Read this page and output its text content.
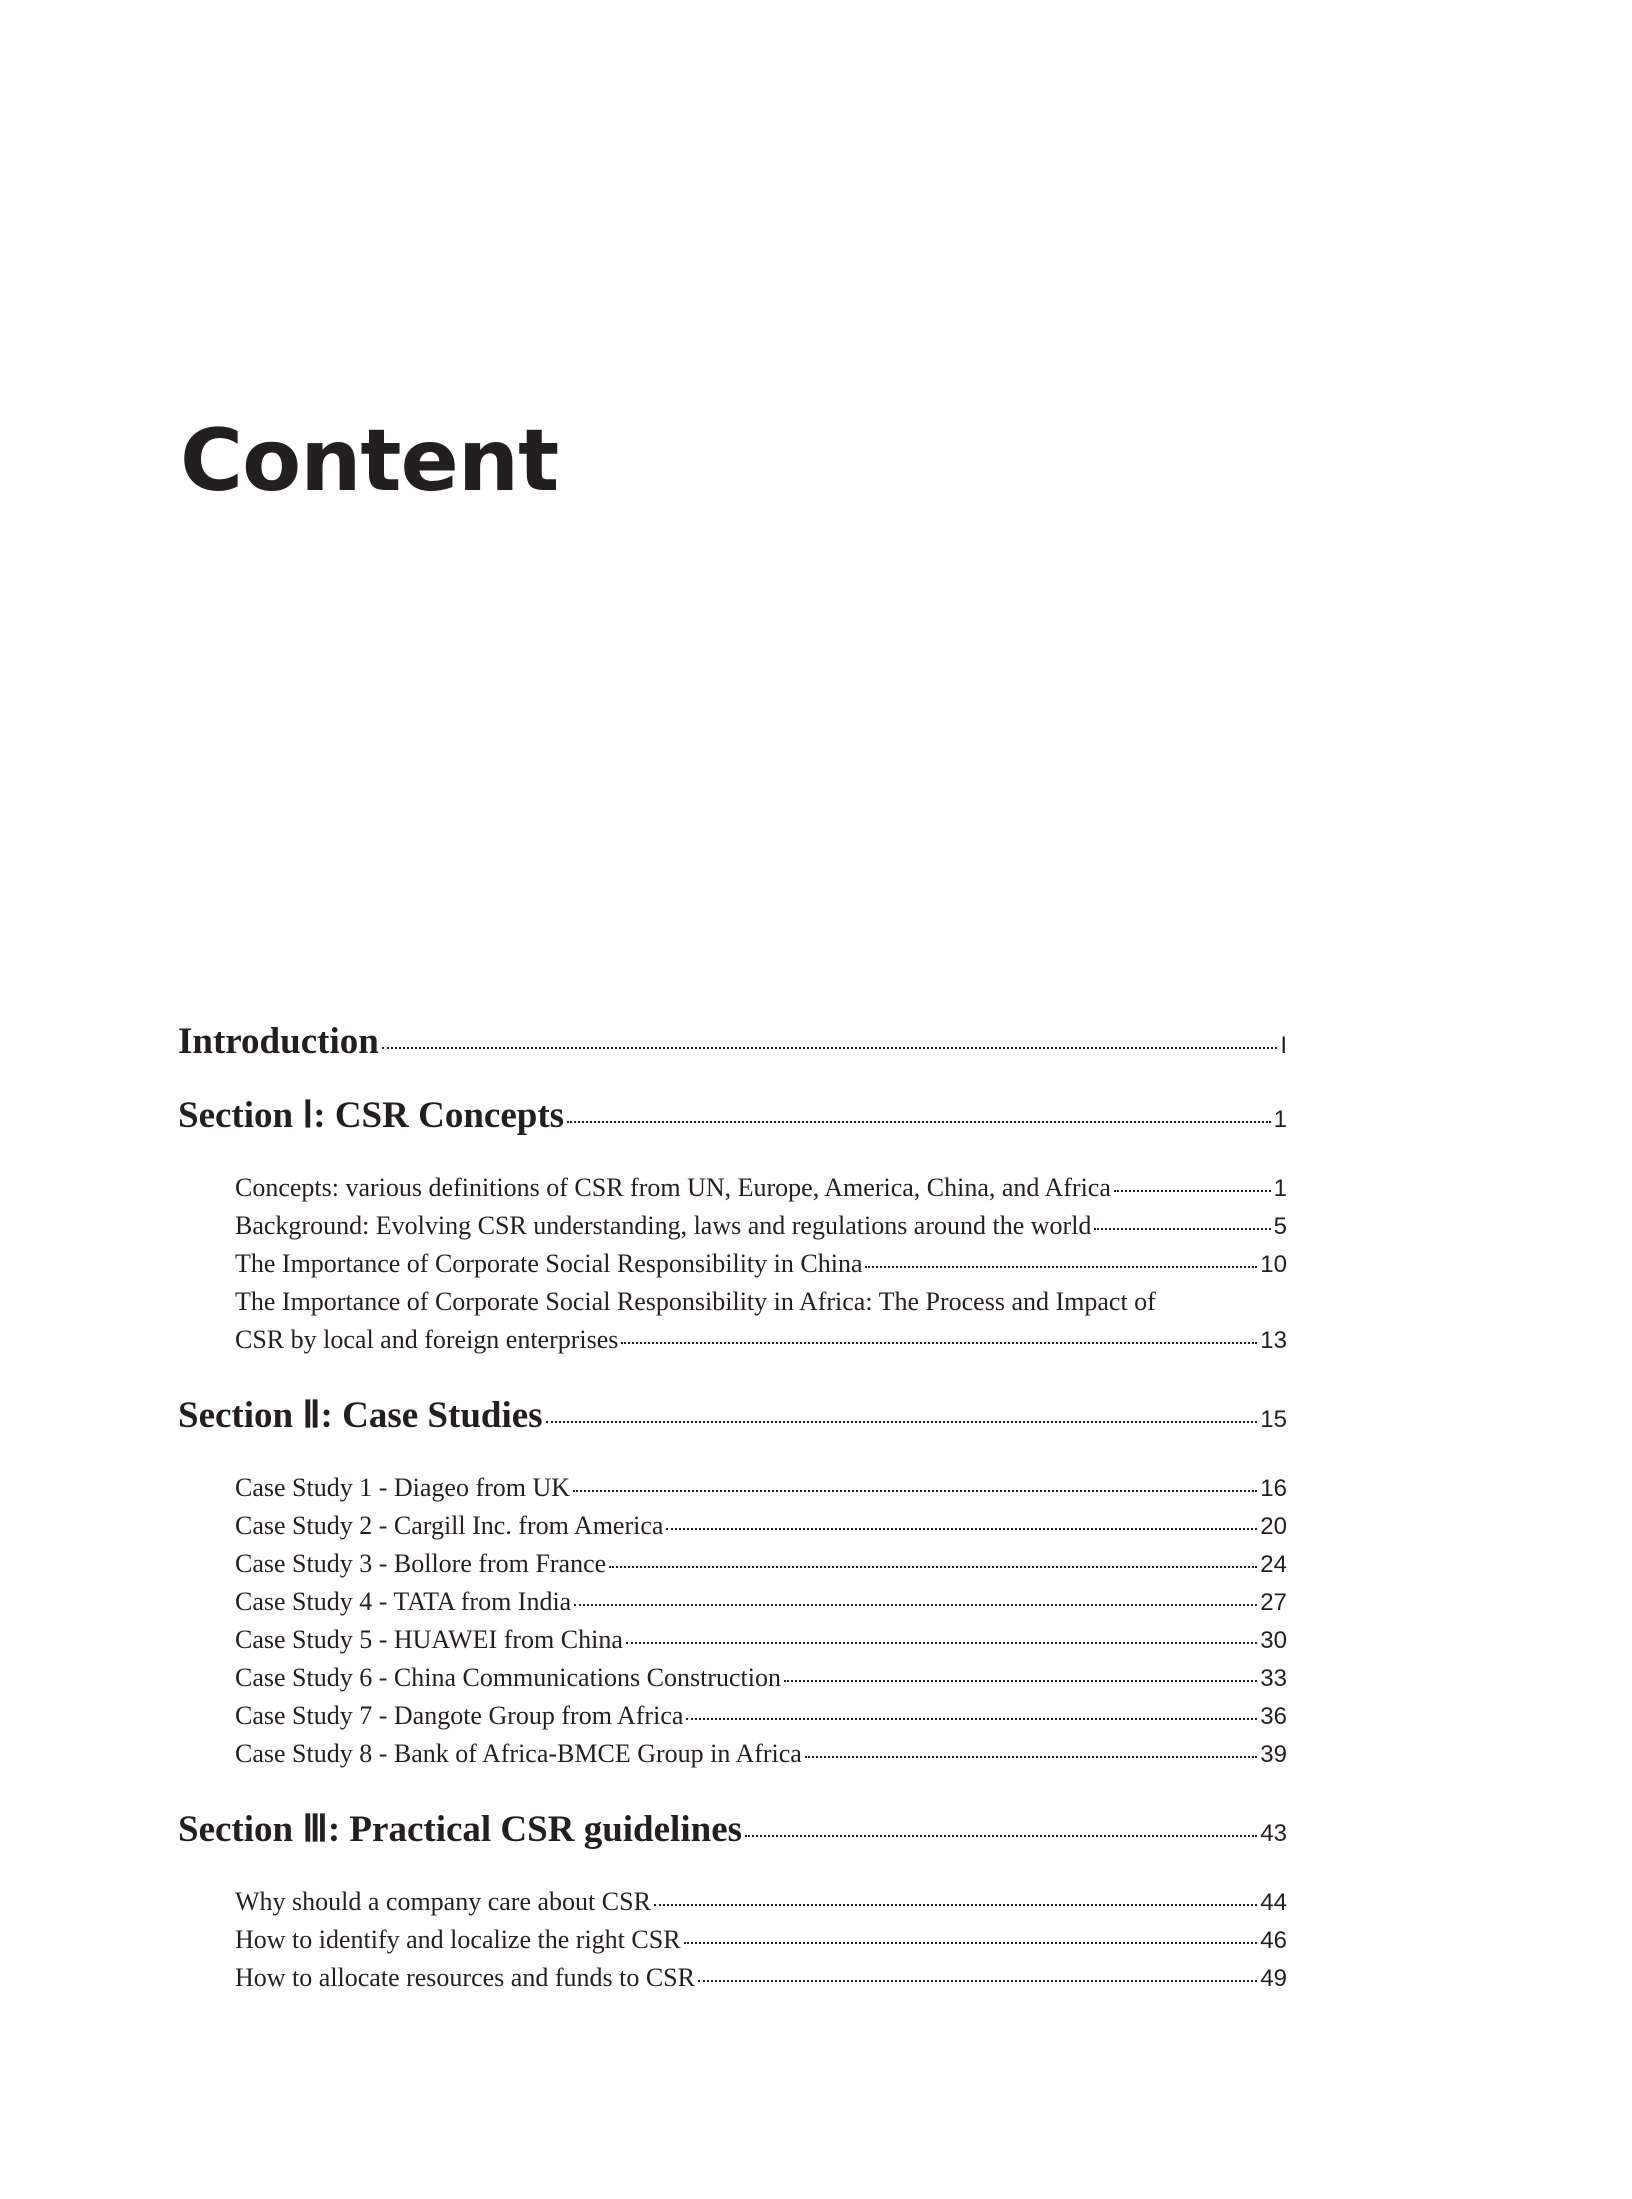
Content
Introduction	I
Section Ⅰ: CSR Concepts	1
Concepts: various definitions of CSR from UN, Europe, America, China, and Africa	1
Background: Evolving CSR understanding, laws and regulations around the world	5
The Importance of Corporate Social Responsibility in China	10
The Importance of Corporate Social Responsibility in Africa: The Process and Impact of
CSR by local and foreign enterprises	13
Section Ⅱ: Case Studies	15
Case Study 1 - Diageo from UK	16
Case Study 2 - Cargill Inc. from America	20
Case Study 3 - Bollore from France	24
Case Study 4 - TATA from India	27
Case Study 5 - HUAWEI from China	30
Case Study 6 - China Communications Construction	33
Case Study 7 - Dangote Group from Africa	36
Case Study 8 - Bank of Africa-BMCE Group in Africa	39
Section Ⅲ: Practical CSR guidelines	43
Why should a company care about CSR	44
How to identify and localize the right CSR	46
How to allocate resources and funds to CSR	49
